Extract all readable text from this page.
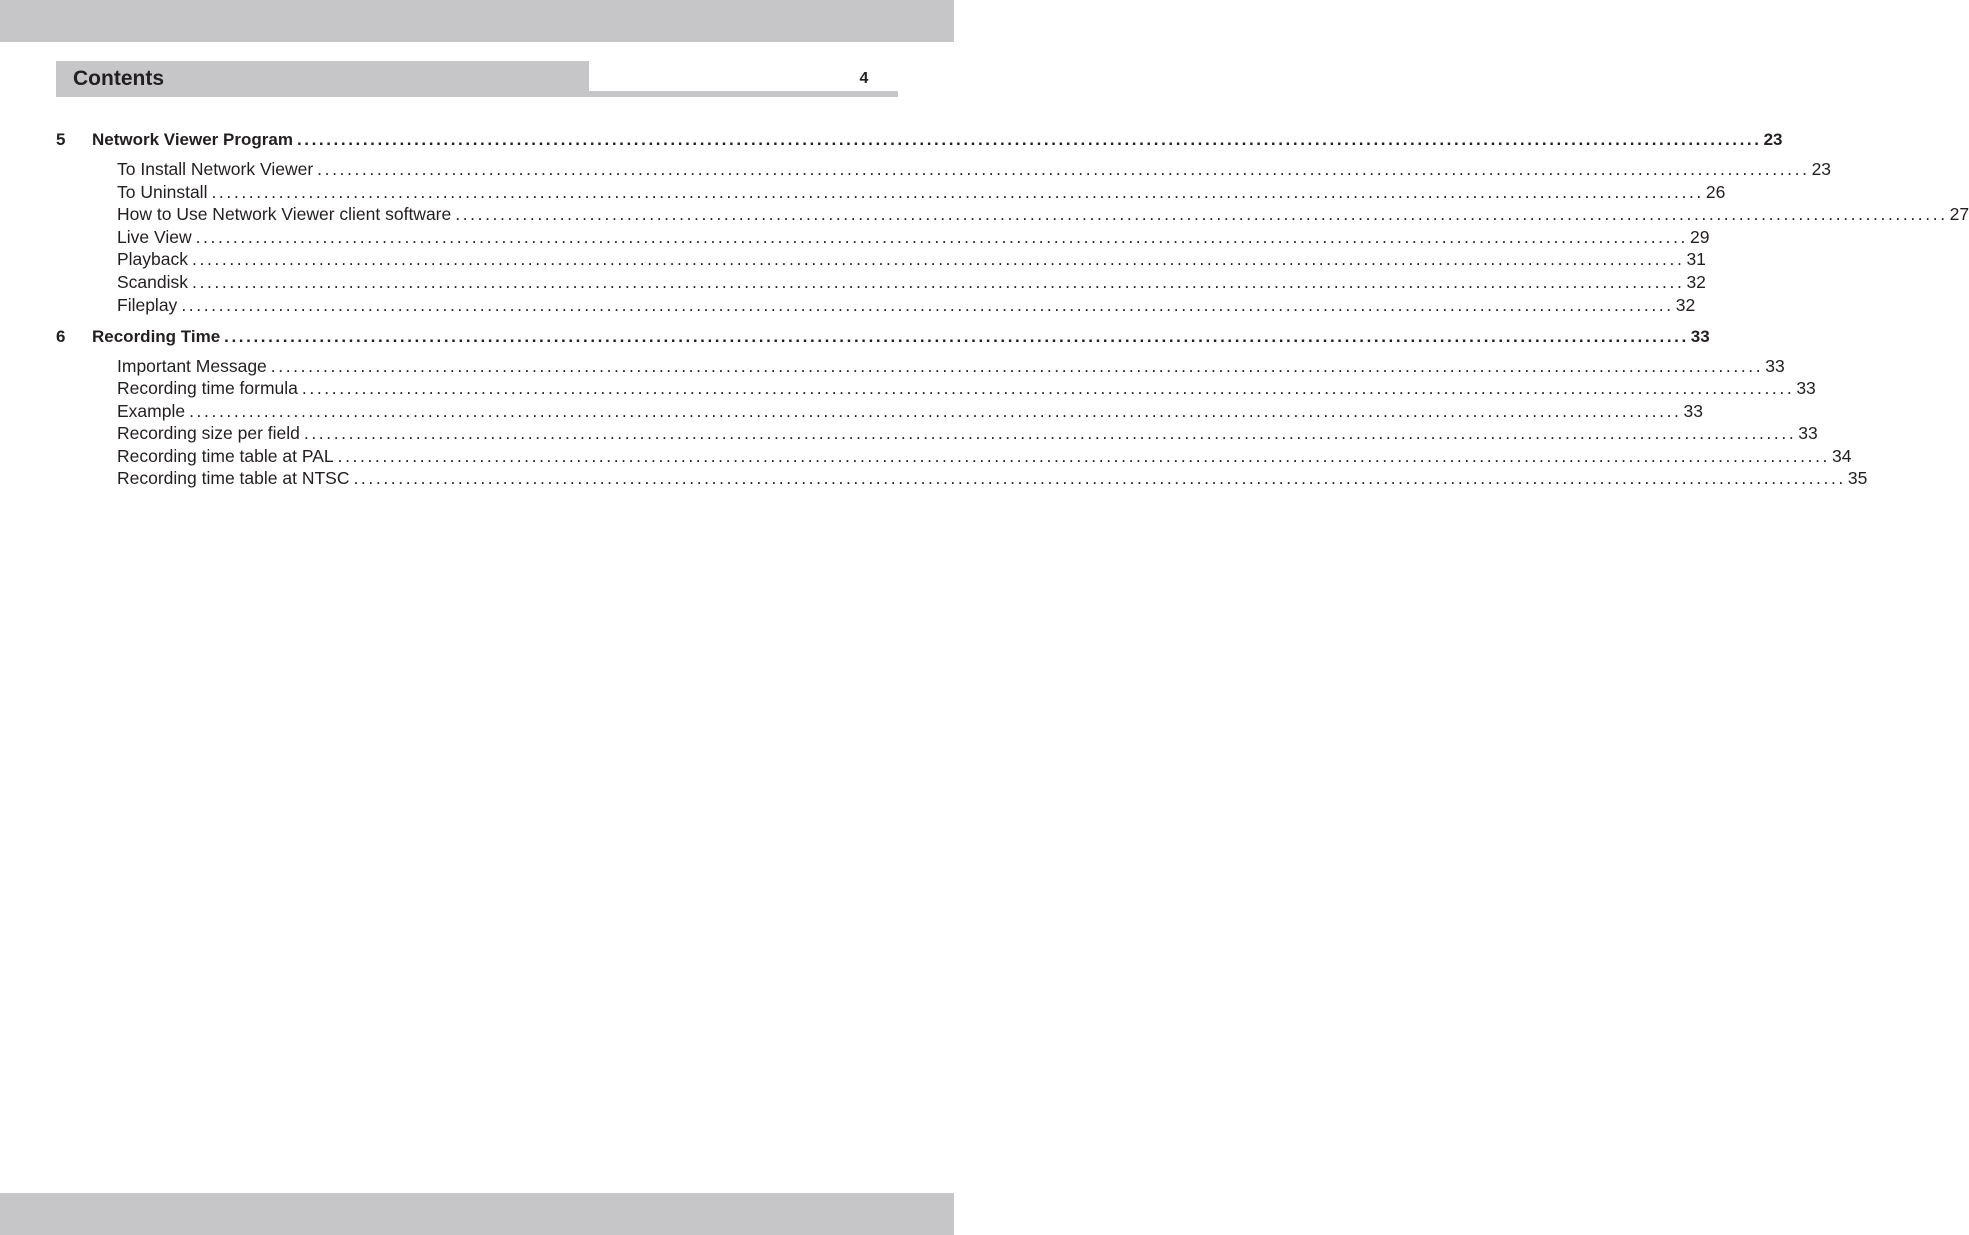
Contents	4
5	Network Viewer Program ........................................................................................................................................................................................................ 23
To Install Network Viewer ........................................................................................................................................................................................................ 23
To Uninstall ........................................................................................................................................................................................................ 26
How to Use Network Viewer client software ........................................................................................................................................................................................................ 27
Live View ........................................................................................................................................................................................................ 29
Playback ........................................................................................................................................................................................................ 31
Scandisk ........................................................................................................................................................................................................ 32
Fileplay ........................................................................................................................................................................................................ 32
6	Recording Time ........................................................................................................................................................................................................ 33
Important Message ........................................................................................................................................................................................................ 33
Recording time formula ........................................................................................................................................................................................................ 33
Example ........................................................................................................................................................................................................ 33
Recording size per field ........................................................................................................................................................................................................ 33
Recording time table at PAL ........................................................................................................................................................................................................ 34
Recording time table at NTSC ........................................................................................................................................................................................................ 35
